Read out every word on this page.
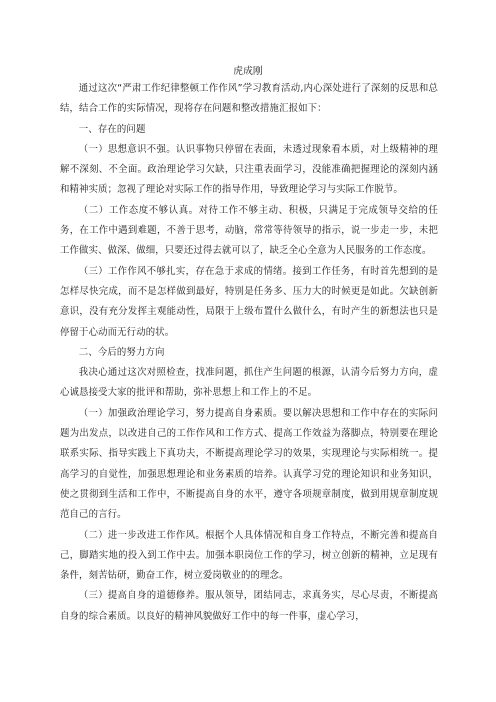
虎成刚

通过这次“严肃工作纪律整顿工作作风”学习教育活动,内心深处进行了深刻的反思和总结，结合工作的实际情况，现将存在问题和整改措施汇报如下：

一、存在的问题

（一）思想意识不强。认识事物只停留在表面，未透过现象看本质，对上级精神的理解不深刻、不全面。政治理论学习欠缺，只注重表面学习，没能准确把握理论的深刻内涵和精神实质；忽视了理论对实际工作的指导作用，导致理论学习与实际工作脱节。

（二）工作态度不够认真。对待工作不够主动、积极，只满足于完成领导交给的任务，在工作中遇到难题，不善于思考，动脑，常常等待领导的指示，说一步走一步，未把工作做实、做深、做细，只要还过得去就可以了，缺乏全心全意为人民服务的工作态度。

（三）工作作风不够扎实，存在急于求成的情绪。接到工作任务，有时首先想到的是怎样尽快完成，而不是怎样做到最好，特别是任务多、压力大的时候更是如此。欠缺创新意识，没有充分发挥主观能动性，局限于上级布置什么做什么，有时产生的新想法也只是停留于心动而无行动的状。

二、今后的努力方向

我决心通过这次对照检查，找准问题，抓住产生问题的根源，认清今后努力方向，虚心诚恳接受大家的批评和帮助，弥补思想上和工作上的不足。

（一）加强政治理论学习，努力提高自身素质。要以解决思想和工作中存在的实际问题为出发点，以改进自己的工作作风和工作方式、提高工作效益为落脚点，特别要在理论联系实际、指导实践上下真功夫，不断提高理论学习的效果，实现理论与实际相统一。提高学习的自觉性，加强思想理论和业务素质的培养。认真学习党的理论知识和业务知识，使之贯彻到生活和工作中，不断提高自身的水平，遵守各项规章制度，做到用规章制度规范自己的言行。

（二）进一步改进工作作风。根据个人具体情况和自身工作特点，不断完善和提高自己，脚踏实地的投入到工作中去。加强本职岗位工作的学习，树立创新的精神，立足现有条件，刻苦钻研，勤奋工作，树立爱岗敬业的的理念。

（三）提高自身的道德修养。服从领导，团结同志，求真务实，尽心尽责，不断提高自身的综合素质。以良好的精神风貌做好工作中的每一件事，虚心学习，
